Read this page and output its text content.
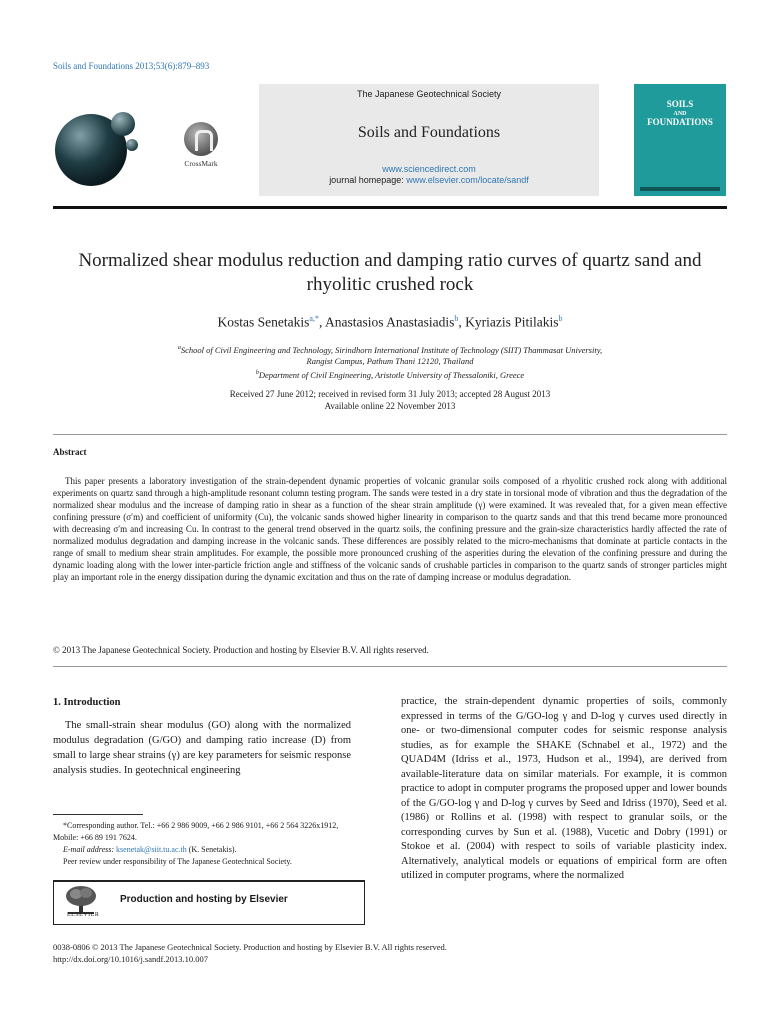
Soils and Foundations 2013;53(6):879–893
CrossMark
The Japanese Geotechnical Society
Soils and Foundations
www.sciencedirect.com
journal homepage: www.elsevier.com/locate/sandf
SOILS
AND
FOUNDATIONS
Normalized shear modulus reduction and damping ratio curves of quartz sand and rhyolitic crushed rock
Kostas Senetakis$^{a,*}$, Anastasios Anastasiadis$^b$, Kyriazis Pitilakis$^b$
$^a$School of Civil Engineering and Technology, Sirindhorn International Institute of Technology (SIIT) Thammasat University,
Rangist Campus, Pathum Thani 12120, Thailand
$^b$Department of Civil Engineering, Aristotle University of Thessaloniki, Greece
Received 27 June 2012; received in revised form 31 July 2013; accepted 28 August 2013
Available online 22 November 2013
Abstract
This paper presents a laboratory investigation of the strain-dependent dynamic properties of volcanic granular soils composed of a rhyolitic crushed rock along with additional experiments on quartz sand through a high-amplitude resonant column testing program. The sands were tested in a dry state in torsional mode of vibration and thus the degradation of the normalized shear modulus and the increase of damping ratio in shear as a function of the shear strain amplitude (γ) were examined. It was revealed that, for a given mean effective confining pressure (σ′m) and coefficient of uniformity (Cu), the volcanic sands showed higher linearity in comparison to the quartz sands and that this trend became more pronounced with decreasing σ′m and increasing Cu. In contrast to the general trend observed in the quartz soils, the confining pressure and the grain-size characteristics hardly affected the rate of normalized modulus degradation and damping increase in the volcanic sands. These differences are possibly related to the micro-mechanisms that dominate at particle contacts in the range of small to medium shear strain amplitudes. For example, the possible more pronounced crushing of the asperities during the elevation of the confining pressure and during the dynamic loading along with the lower inter-particle friction angle and stiffness of the volcanic sands of crushable particles in comparison to the quartz sands of stronger particles might play an important role in the energy dissipation during the dynamic excitation and thus on the rate of damping increase or modulus degradation.
© 2013 The Japanese Geotechnical Society. Production and hosting by Elsevier B.V. All rights reserved.
1. Introduction

The small-strain shear modulus (GO) along with the normalized modulus degradation (G/GO) and damping ratio increase (D) from small to large shear strains (γ) are key parameters for seismic response analysis studies. In geotechnical engineering

practice, the strain-dependent dynamic properties of soils, commonly expressed in terms of the G/GO-log γ and D-log γ curves used directly in one- or two-dimensional computer codes for seismic response analysis studies, as for example the SHAKE (Schnabel et al., 1972) and the QUAD4M (Idriss et al., 1973, Hudson et al., 1994), are derived from available-literature data on similar materials. For example, it is common practice to adopt in computer programs the proposed upper and lower bounds of the G/GO-log γ and D-log γ curves by Seed and Idriss (1970), Seed et al. (1986) or Rollins et al. (1998) with respect to granular soils, or the corresponding curves by Sun et al. (1988), Vucetic and Dobry (1991) or Stokoe et al. (2004) with respect to soils of variable plasticity index. Alternatively, analytical models or equations of empirical form are often utilized in computer programs, where the normalized
*Corresponding author. Tel.: +66 2 986 9009, +66 2 986 9101, +66 2 564 3226x1912, Mobile: +66 89 191 7624.
E-mail address: ksenetak@siit.tu.ac.th (K. Senetakis).
Peer review under responsibility of The Japanese Geotechnical Society.
ELSEVIER
Production and hosting by Elsevier
0038-0806 © 2013 The Japanese Geotechnical Society. Production and hosting by Elsevier B.V. All rights reserved.
http://dx.doi.org/10.1016/j.sandf.2013.10.007
